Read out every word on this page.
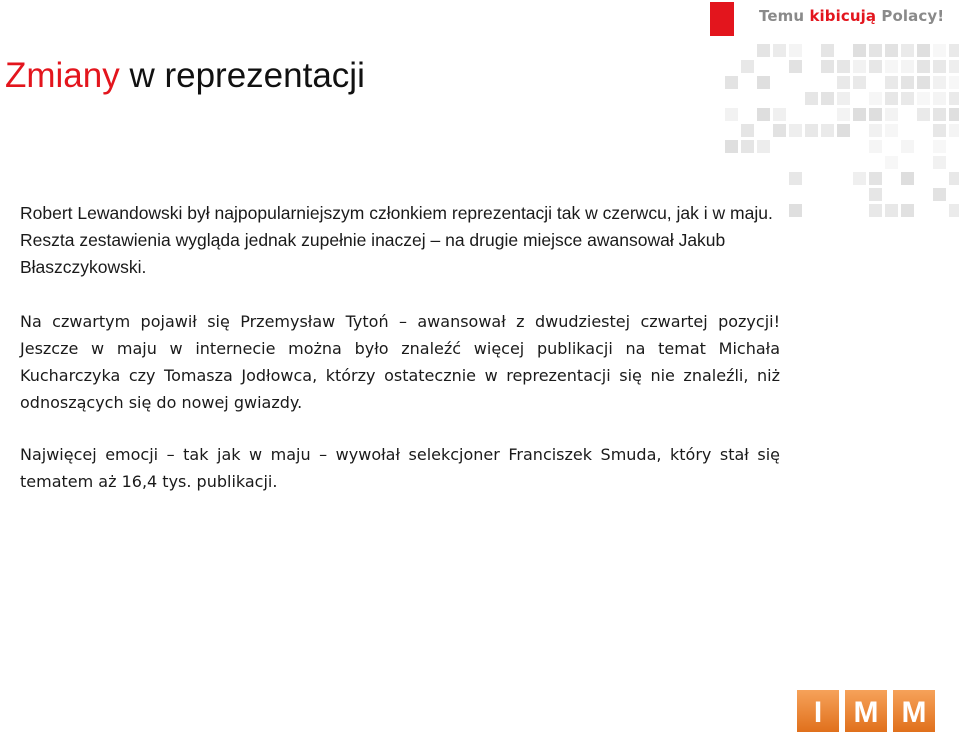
Temu kibicują Polacy!
Zmiany w reprezentacji

Robert Lewandowski był najpopularniejszym członkiem reprezentacji tak w czerwcu, jak i w maju. Reszta zestawienia wygląda jednak zupełnie inaczej – na drugie miejsce awansował Jakub Błaszczykowski.

Na czwartym pojawił się Przemysław Tytoń – awansował z dwudziestej czwartej pozycji! Jeszcze w maju w internecie można było znaleźć więcej publikacji na temat Michała Kucharczyka czy Tomasza Jodłowca, którzy ostatecznie w reprezentacji się nie znaleźli, niż odnoszących się do nowej gwiazdy.

Najwięcej emocji – tak jak w maju – wywołał selekcjoner Franciszek Smuda, który stał się tematem aż 16,4 tys. publikacji.

I M M
